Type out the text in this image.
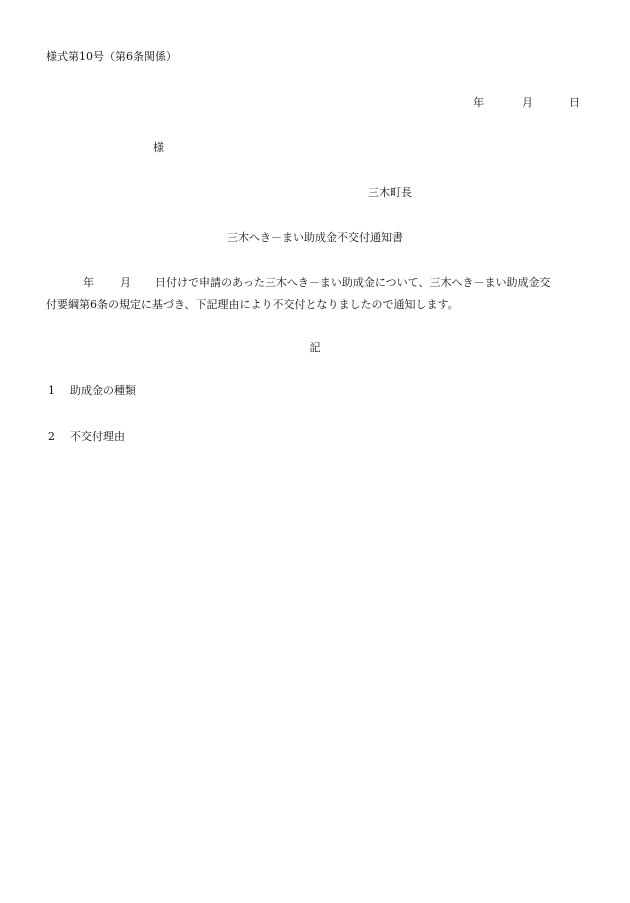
様式第10号（第6条関係）
年	月	日
様
三木町長
三木へき－まい助成金不交付通知書
年 月 日付けで申請のあった三木へき－まい助成金について、三木へき－まい助成金交
付要綱第6条の規定に基づき、下記理由により不交付となりましたので通知します。
記
1 助成金の種類
2 不交付理由
